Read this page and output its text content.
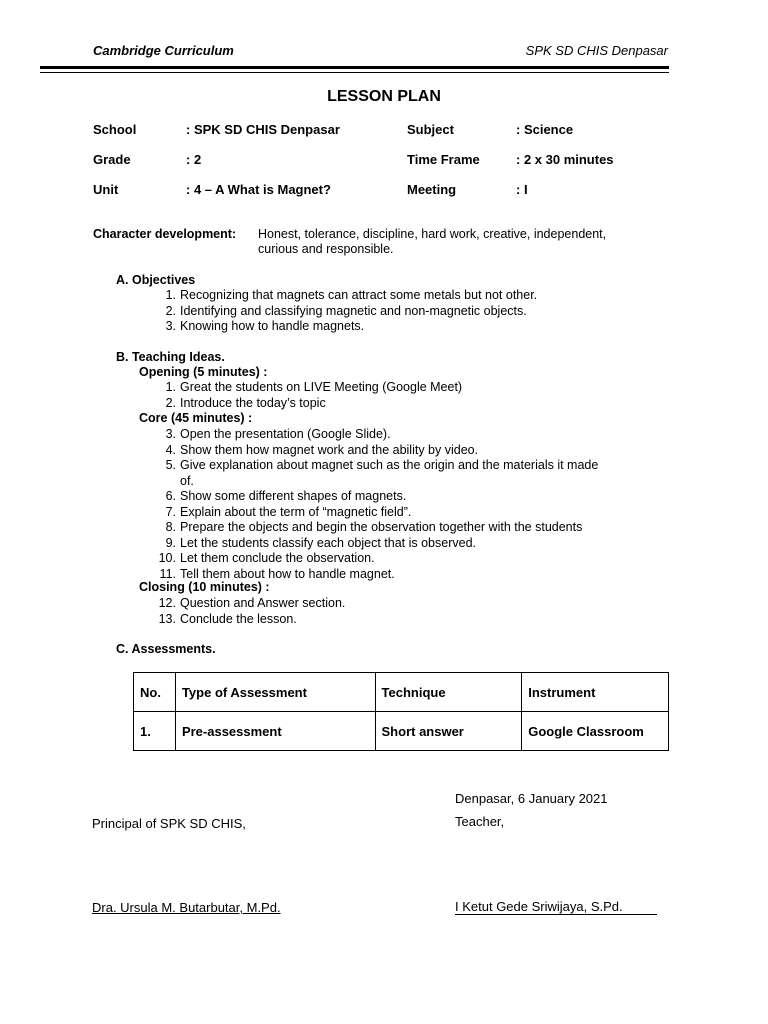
Cambridge Curriculum	SPK SD CHIS Denpasar
LESSON PLAN
School	: SPK SD CHIS Denpasar	Subject	: Science
Grade	: 2	Time Frame	: 2 x 30 minutes
Unit	: 4 – A What is Magnet?	Meeting	: I
Character development: Honest, tolerance, discipline, hard work, creative, independent,
curious and responsible.
A. Objectives
1. Recognizing that magnets can attract some metals but not other.
2. Identifying and classifying magnetic and non-magnetic objects.
3. Knowing how to handle magnets.
B. Teaching Ideas.
Opening (5 minutes) :
1. Great the students on LIVE Meeting (Google Meet)
2. Introduce the today’s topic
Core (45 minutes) :
3. Open the presentation (Google Slide).
4. Show them how magnet work and the ability by video.
5. Give explanation about magnet such as the origin and the materials it made
of.
6. Show some different shapes of magnets.
7. Explain about the term of “magnetic field”.
8. Prepare the objects and begin the observation together with the students
9. Let the students classify each object that is observed.
10. Let them conclude the observation.
11. Tell them about how to handle magnet.
Closing (10 minutes) :
12. Question and Answer section.
13. Conclude the lesson.
C. Assessments.
No.	Type of Assessment	Technique	Instrument
1.	Pre-assessment	Short answer	Google Classroom
Denpasar, 6 January 2021
Principal of SPK SD CHIS,	Teacher,
Dra. Ursula M. Butarbutar, M.Pd.	I Ketut Gede Sriwijaya, S.Pd.
